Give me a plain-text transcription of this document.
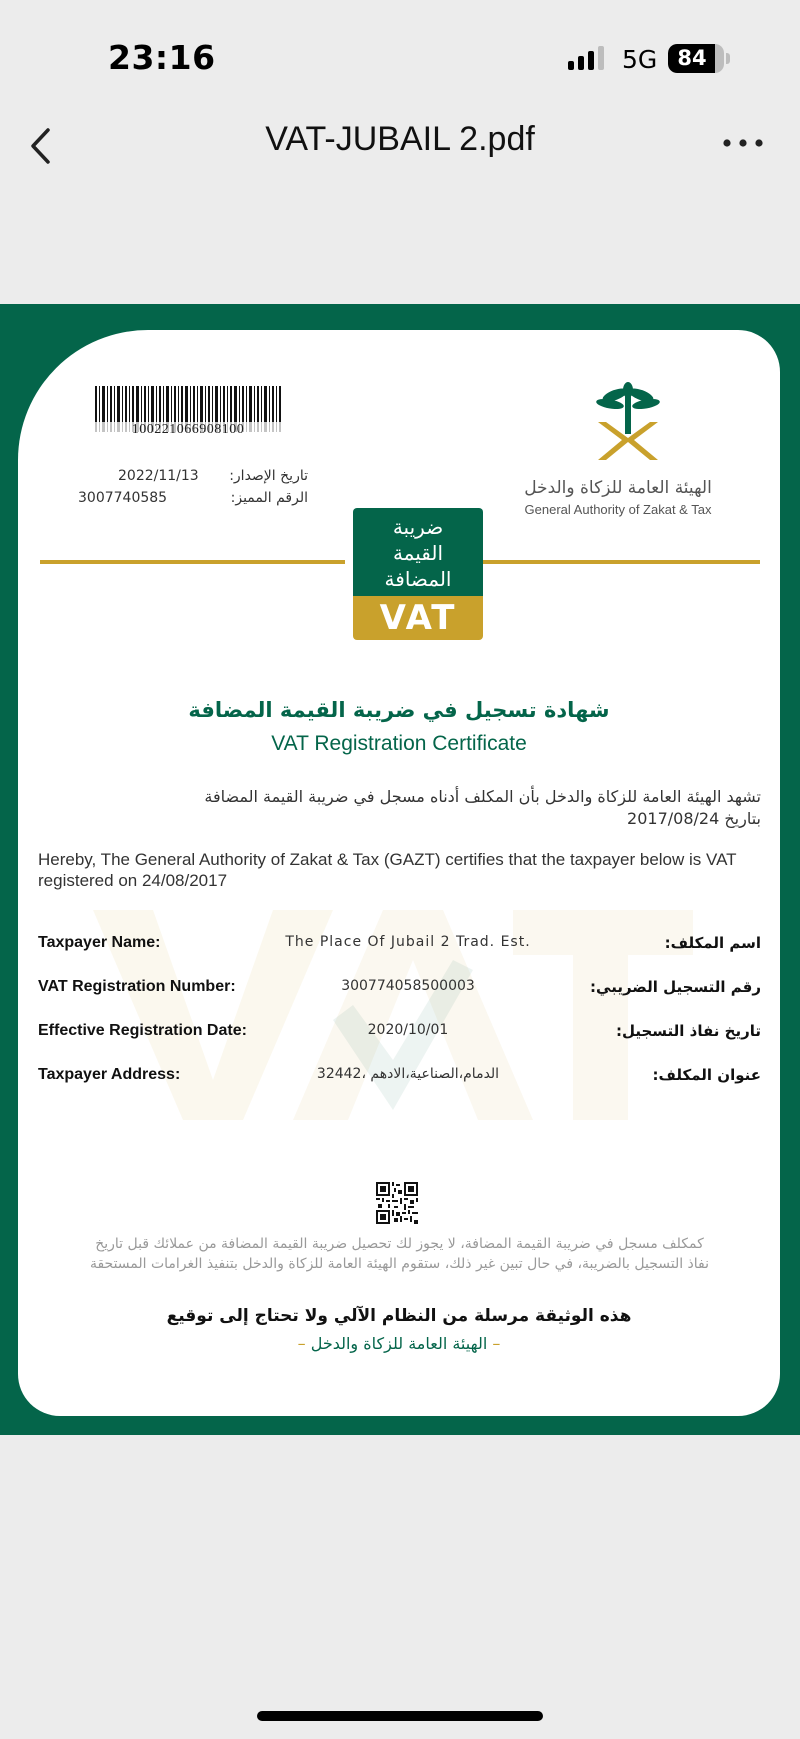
23:16	5G 84
VAT-JUBAIL 2.pdf
100221066908100
تاريخ الإصدار:
2022/11/13
الرقم المميز:
3007740585	الهيئة العامة للزكاة والدخل
General Authority of Zakat & Tax
ضريبة
القيمة
المضافة
VAT
شهادة تسجيل في ضريبة القيمة المضافة
VAT Registration Certificate
تشهد الهيئة العامة للزكاة والدخل بأن المكلف أدناه مسجل في ضريبة القيمة المضافة
بتاريخ 2017/08/24
Hereby, The General Authority of Zakat & Tax (GAZT) certifies that the taxpayer below is VAT registered on 24/08/2017
Taxpayer Name:	The Place Of Jubail 2 Trad. Est.	اسم المكلف:
VAT Registration Number:	300774058500003	رقم التسجيل الضريبي:
Effective Registration Date:	2020/10/01	تاريخ نفاذ التسجيل:
Taxpayer Address:	الدمام،الصناعية،الادهم ،32442	عنوان المكلف:
كمكلف مسجل في ضريبة القيمة المضافة، لا يجوز لك تحصيل ضريبة القيمة المضافة من عملائك قبل تاريخ
نفاذ التسجيل بالضريبة، في حال تبين غير ذلك، ستقوم الهيئة العامة للزكاة والدخل بتنفيذ الغرامات المستحقة
هذه الوثيقة مرسلة من النظام الآلي ولا تحتاج إلى توقيع
– الهيئة العامة للزكاة والدخل –
